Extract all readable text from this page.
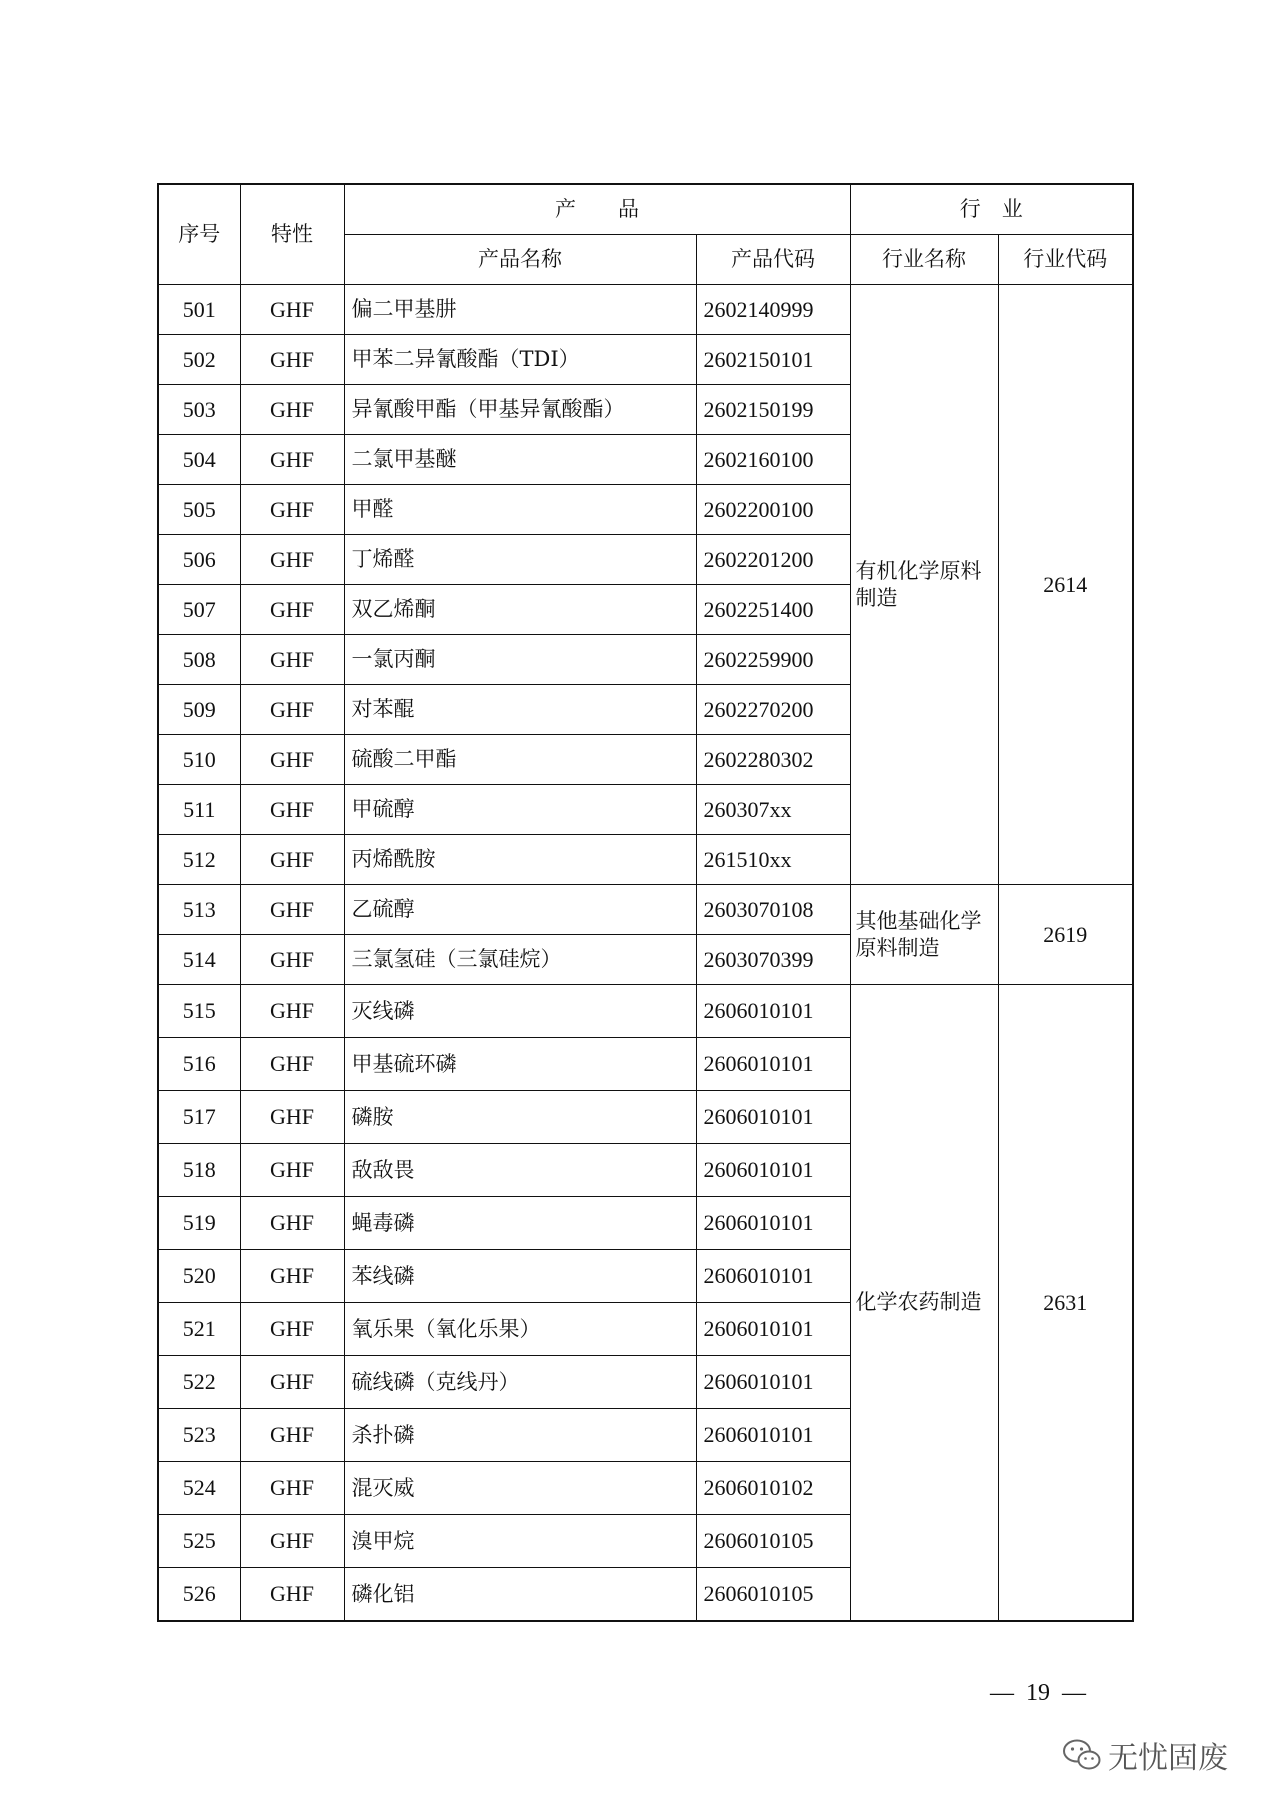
序号	特性	产　　品		行　业	
		产品名称	产品代码	行业名称	行业代码
501	GHF	偏二甲基肼	2602140999	有机化学原料制造	2614
502	GHF	甲苯二异氰酸酯（TDI）	2602150101		
503	GHF	异氰酸甲酯（甲基异氰酸酯）	2602150199		
504	GHF	二氯甲基醚	2602160100		
505	GHF	甲醛	2602200100		
506	GHF	丁烯醛	2602201200		
507	GHF	双乙烯酮	2602251400		
508	GHF	一氯丙酮	2602259900		
509	GHF	对苯醌	2602270200		
510	GHF	硫酸二甲酯	2602280302		
511	GHF	甲硫醇	260307xx		
512	GHF	丙烯酰胺	261510xx		
513	GHF	乙硫醇	2603070108	其他基础化学原料制造	2619
514	GHF	三氯氢硅（三氯硅烷）	2603070399		
515	GHF	灭线磷	2606010101	化学农药制造	2631
516	GHF	甲基硫环磷	2606010101		
517	GHF	磷胺	2606010101		
518	GHF	敌敌畏	2606010101		
519	GHF	蝇毒磷	2606010101		
520	GHF	苯线磷	2606010101		
521	GHF	氧乐果（氧化乐果）	2606010101		
522	GHF	硫线磷（克线丹）	2606010101		
523	GHF	杀扑磷	2606010101		
524	GHF	混灭威	2606010102		
525	GHF	溴甲烷	2606010105		
526	GHF	磷化铝	2606010105		
—  19  —
无忧固废
